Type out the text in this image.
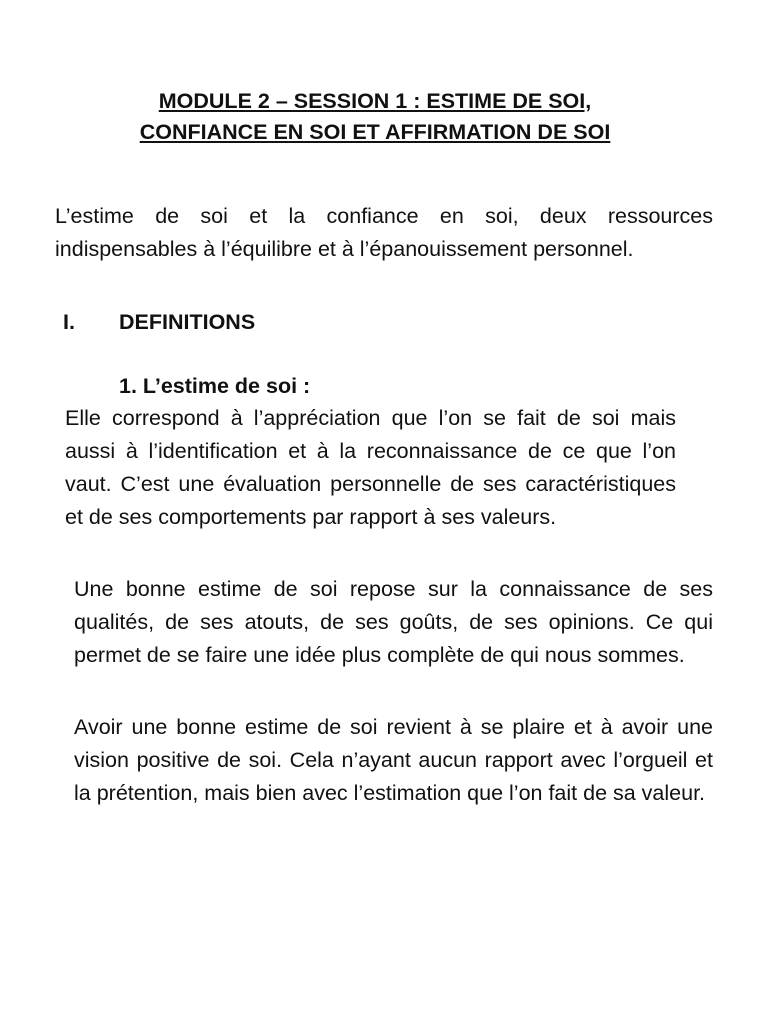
MODULE 2 – SESSION 1 : ESTIME DE SOI,
CONFIANCE EN SOI ET AFFIRMATION DE SOI

L’estime de soi et la confiance en soi, deux ressources indispensables à l’équilibre et à l’épanouissement personnel.

I.	DEFINITIONS
1. L’estime de soi :

Elle correspond à l’appréciation que l’on se fait de soi mais aussi à l’identification et à la reconnaissance de ce que l’on vaut. C’est une évaluation personnelle de ses caractéristiques et de ses comportements par rapport à ses valeurs.

Une bonne estime de soi repose sur la connaissance de ses qualités, de ses atouts, de ses goûts, de ses opinions. Ce qui permet de se faire une idée plus complète de qui nous sommes.

Avoir une bonne estime de soi revient à se plaire et à avoir une vision positive de soi. Cela n’ayant aucun rapport avec l’orgueil et la prétention, mais bien avec l’estimation que l’on fait de sa valeur.
